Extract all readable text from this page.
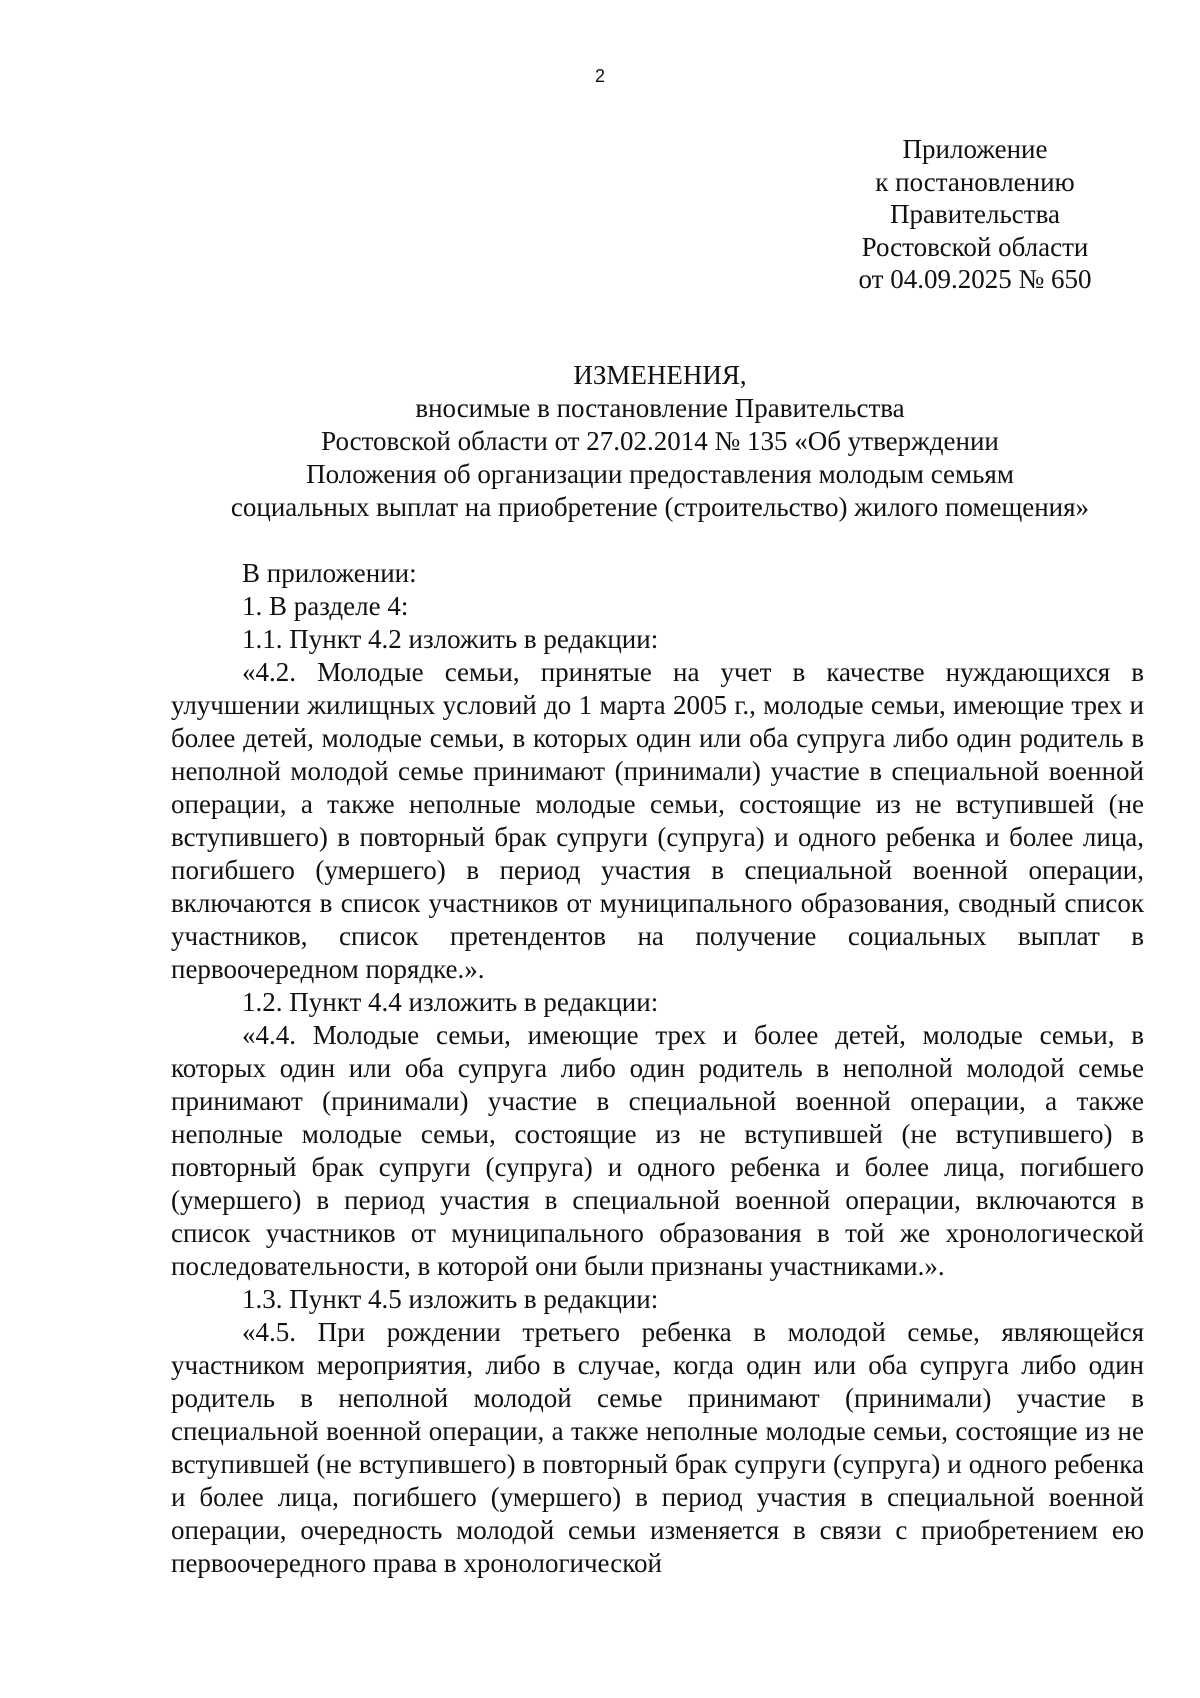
2
Приложение
к постановлению
Правительства
Ростовской области
от 04.09.2025 № 650
ИЗМЕНЕНИЯ,
вносимые в постановление Правительства
Ростовской области от 27.02.2014 № 135 «Об утверждении
Положения об организации предоставления молодым семьям
социальных выплат на приобретение (строительство) жилого помещения»
В приложении:
1. В разделе 4:
1.1. Пункт 4.2 изложить в редакции:
«4.2. Молодые семьи, принятые на учет в качестве нуждающихся в улучшении жилищных условий до 1 марта 2005 г., молодые семьи, имеющие трех и более детей, молодые семьи, в которых один или оба супруга либо один родитель в неполной молодой семье принимают (принимали) участие в специальной военной операции, а также неполные молодые семьи, состоящие из не вступившей (не вступившего) в повторный брак супруги (супруга) и одного ребенка и более лица, погибшего (умершего) в период участия в специальной военной операции, включаются в список участников от муниципального образования, сводный список участников, список претендентов на получение социальных выплат в первоочередном порядке.».
1.2. Пункт 4.4 изложить в редакции:
«4.4. Молодые семьи, имеющие трех и более детей, молодые семьи, в которых один или оба супруга либо один родитель в неполной молодой семье принимают (принимали) участие в специальной военной операции, а также неполные молодые семьи, состоящие из не вступившей (не вступившего) в повторный брак супруги (супруга) и одного ребенка и более лица, погибшего (умершего) в период участия в специальной военной операции, включаются в список участников от муниципального образования в той же хронологической последовательности, в которой они были признаны участниками.».
1.3. Пункт 4.5 изложить в редакции:
«4.5. При рождении третьего ребенка в молодой семье, являющейся участником мероприятия, либо в случае, когда один или оба супруга либо один родитель в неполной молодой семье принимают (принимали) участие в специальной военной операции, а также неполные молодые семьи, состоящие из не вступившей (не вступившего) в повторный брак супруги (супруга) и одного ребенка и более лица, погибшего (умершего) в период участия в специальной военной операции, очередность молодой семьи изменяется в связи с приобретением ею первоочередного права в хронологической
